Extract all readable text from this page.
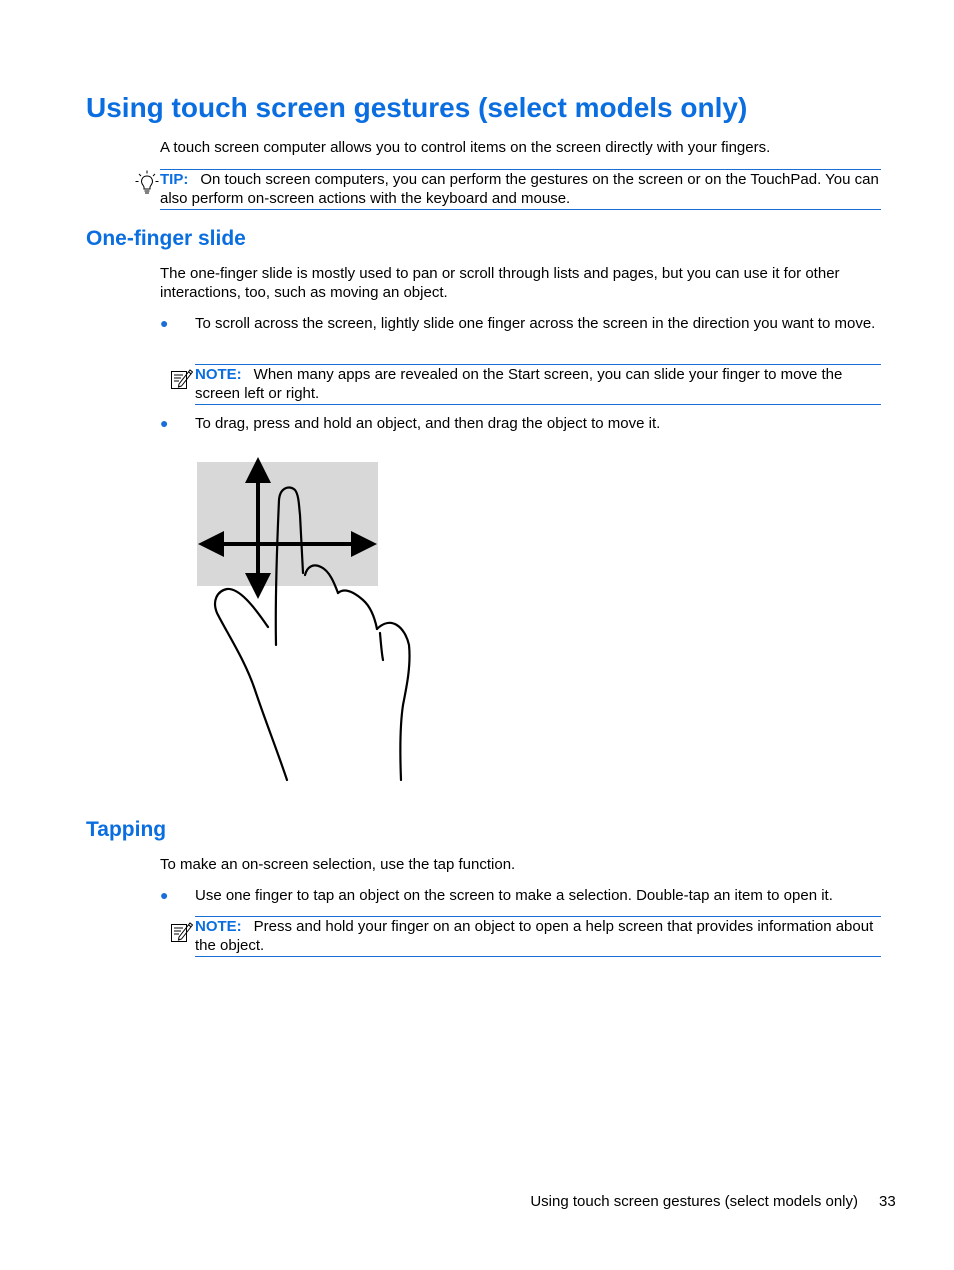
Using touch screen gestures (select models only)

A touch screen computer allows you to control items on the screen directly with your fingers.

TIP: On touch screen computers, you can perform the gestures on the screen or on the TouchPad. You can also perform on-screen actions with the keyboard and mouse.
One-finger slide

The one-finger slide is mostly used to pan or scroll through lists and pages, but you can use it for other interactions, too, such as moving an object.

● To scroll across the screen, lightly slide one finger across the screen in the direction you want to move.
NOTE: When many apps are revealed on the Start screen, you can slide your finger to move the screen left or right.
● To drag, press and hold an object, and then drag the object to move it.
Tapping

To make an on-screen selection, use the tap function.

● Use one finger to tap an object on the screen to make a selection. Double-tap an item to open it.
NOTE: Press and hold your finger on an object to open a help screen that provides information about the object.
Using touch screen gestures (select models only) 33
